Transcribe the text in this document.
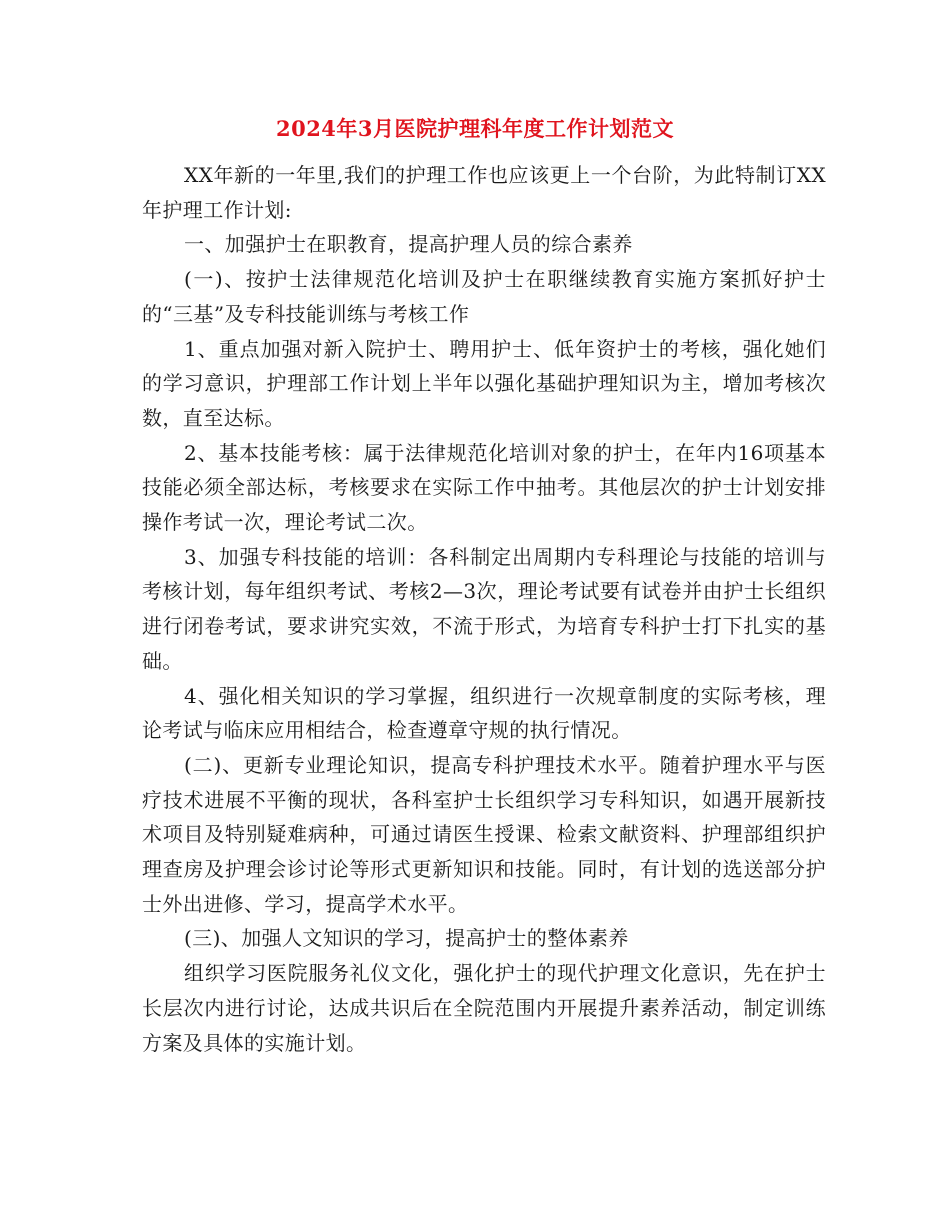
2024年3月医院护理科年度工作计划范文

XX年新的一年里,我们的护理工作也应该更上一个台阶，为此特制订XX年护理工作计划:

一、加强护士在职教育，提高护理人员的综合素养

(一)、按护士法律规范化培训及护士在职继续教育实施方案抓好护士的“三基”及专科技能训练与考核工作

1、重点加强对新入院护士、聘用护士、低年资护士的考核，强化她们的学习意识，护理部工作计划上半年以强化基础护理知识为主，增加考核次数，直至达标。

2、基本技能考核：属于法律规范化培训对象的护士，在年内16项基本技能必须全部达标，考核要求在实际工作中抽考。其他层次的护士计划安排操作考试一次，理论考试二次。

3、加强专科技能的培训：各科制定出周期内专科理论与技能的培训与考核计划，每年组织考试、考核2—3次，理论考试要有试卷并由护士长组织进行闭卷考试，要求讲究实效，不流于形式，为培育专科护士打下扎实的基础。

4、强化相关知识的学习掌握，组织进行一次规章制度的实际考核，理论考试与临床应用相结合，检查遵章守规的执行情况。

(二)、更新专业理论知识，提高专科护理技术水平。随着护理水平与医疗技术进展不平衡的现状，各科室护士长组织学习专科知识，如遇开展新技术项目及特别疑难病种，可通过请医生授课、检索文献资料、护理部组织护理查房及护理会诊讨论等形式更新知识和技能。同时，有计划的选送部分护士外出进修、学习，提高学术水平。

(三)、加强人文知识的学习，提高护士的整体素养

组织学习医院服务礼仪文化，强化护士的现代护理文化意识，先在护士长层次内进行讨论，达成共识后在全院范围内开展提升素养活动，制定训练方案及具体的实施计划。
